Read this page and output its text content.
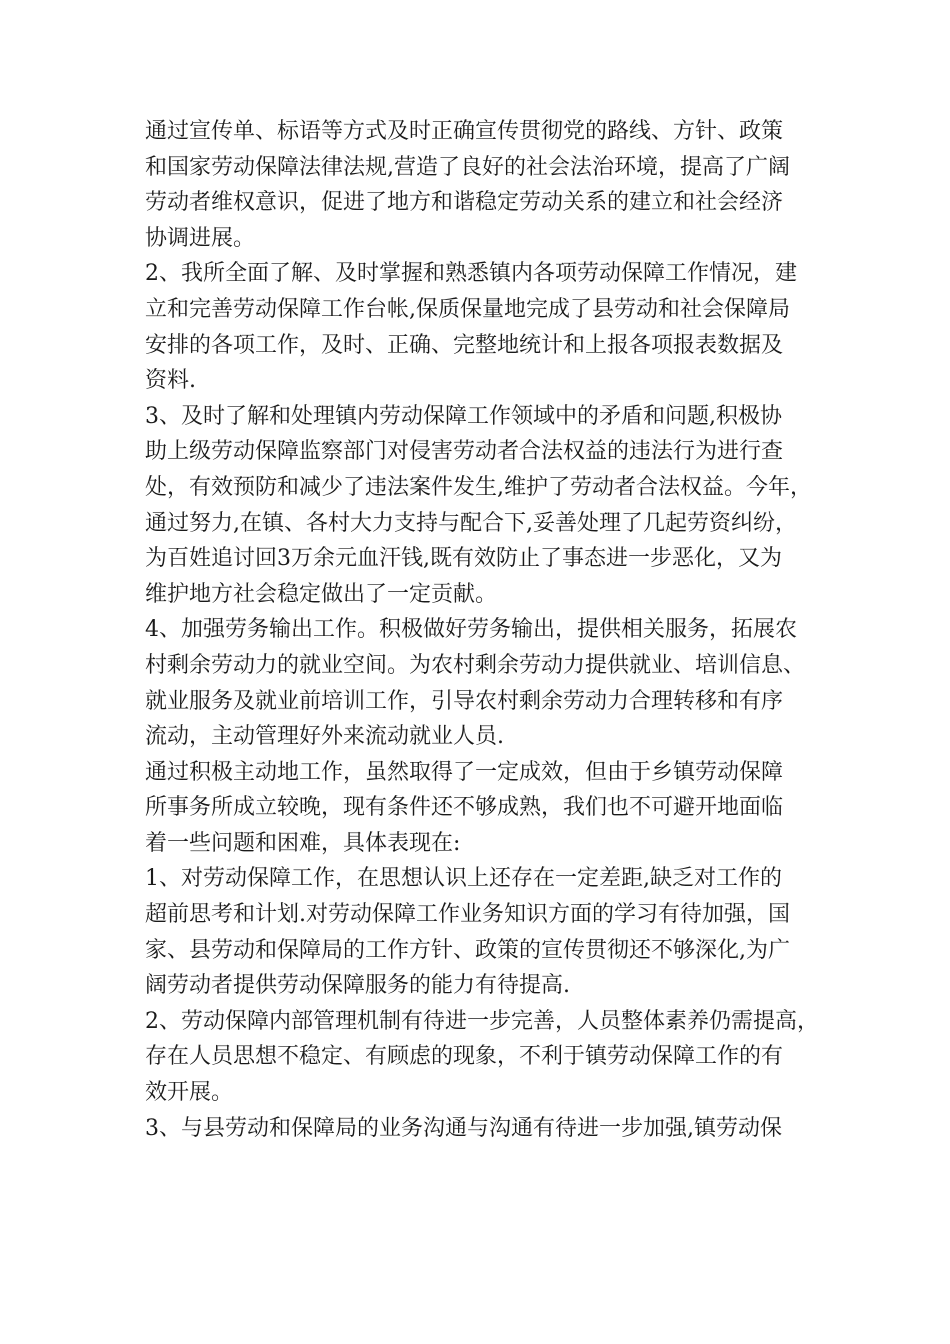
通过宣传单、标语等方式及时正确宣传贯彻党的路线、方针、政策
和国家劳动保障法律法规,营造了良好的社会法治环境，提高了广阔
劳动者维权意识，促进了地方和谐稳定劳动关系的建立和社会经济
协调进展。
2、我所全面了解、及时掌握和熟悉镇内各项劳动保障工作情况，建
立和完善劳动保障工作台帐,保质保量地完成了县劳动和社会保障局
安排的各项工作，及时、正确、完整地统计和上报各项报表数据及
资料.
3、及时了解和处理镇内劳动保障工作领域中的矛盾和问题,积极协
助上级劳动保障监察部门对侵害劳动者合法权益的违法行为进行查
处，有效预防和减少了违法案件发生,维护了劳动者合法权益。今年，
通过努力,在镇、各村大力支持与配合下,妥善处理了几起劳资纠纷，
为百姓追讨回3万余元血汗钱,既有效防止了事态进一步恶化，又为
维护地方社会稳定做出了一定贡献。
4、加强劳务输出工作。积极做好劳务输出，提供相关服务，拓展农
村剩余劳动力的就业空间。为农村剩余劳动力提供就业、培训信息、
就业服务及就业前培训工作，引导农村剩余劳动力合理转移和有序
流动，主动管理好外来流动就业人员.
通过积极主动地工作，虽然取得了一定成效，但由于乡镇劳动保障
所事务所成立较晚，现有条件还不够成熟，我们也不可避开地面临
着一些问题和困难，具体表现在:
1、对劳动保障工作，在思想认识上还存在一定差距,缺乏对工作的
超前思考和计划.对劳动保障工作业务知识方面的学习有待加强，国
家、县劳动和保障局的工作方针、政策的宣传贯彻还不够深化,为广
阔劳动者提供劳动保障服务的能力有待提高.
2、劳动保障内部管理机制有待进一步完善，人员整体素养仍需提高，
存在人员思想不稳定、有顾虑的现象，不利于镇劳动保障工作的有
效开展。
3、与县劳动和保障局的业务沟通与沟通有待进一步加强,镇劳动保
